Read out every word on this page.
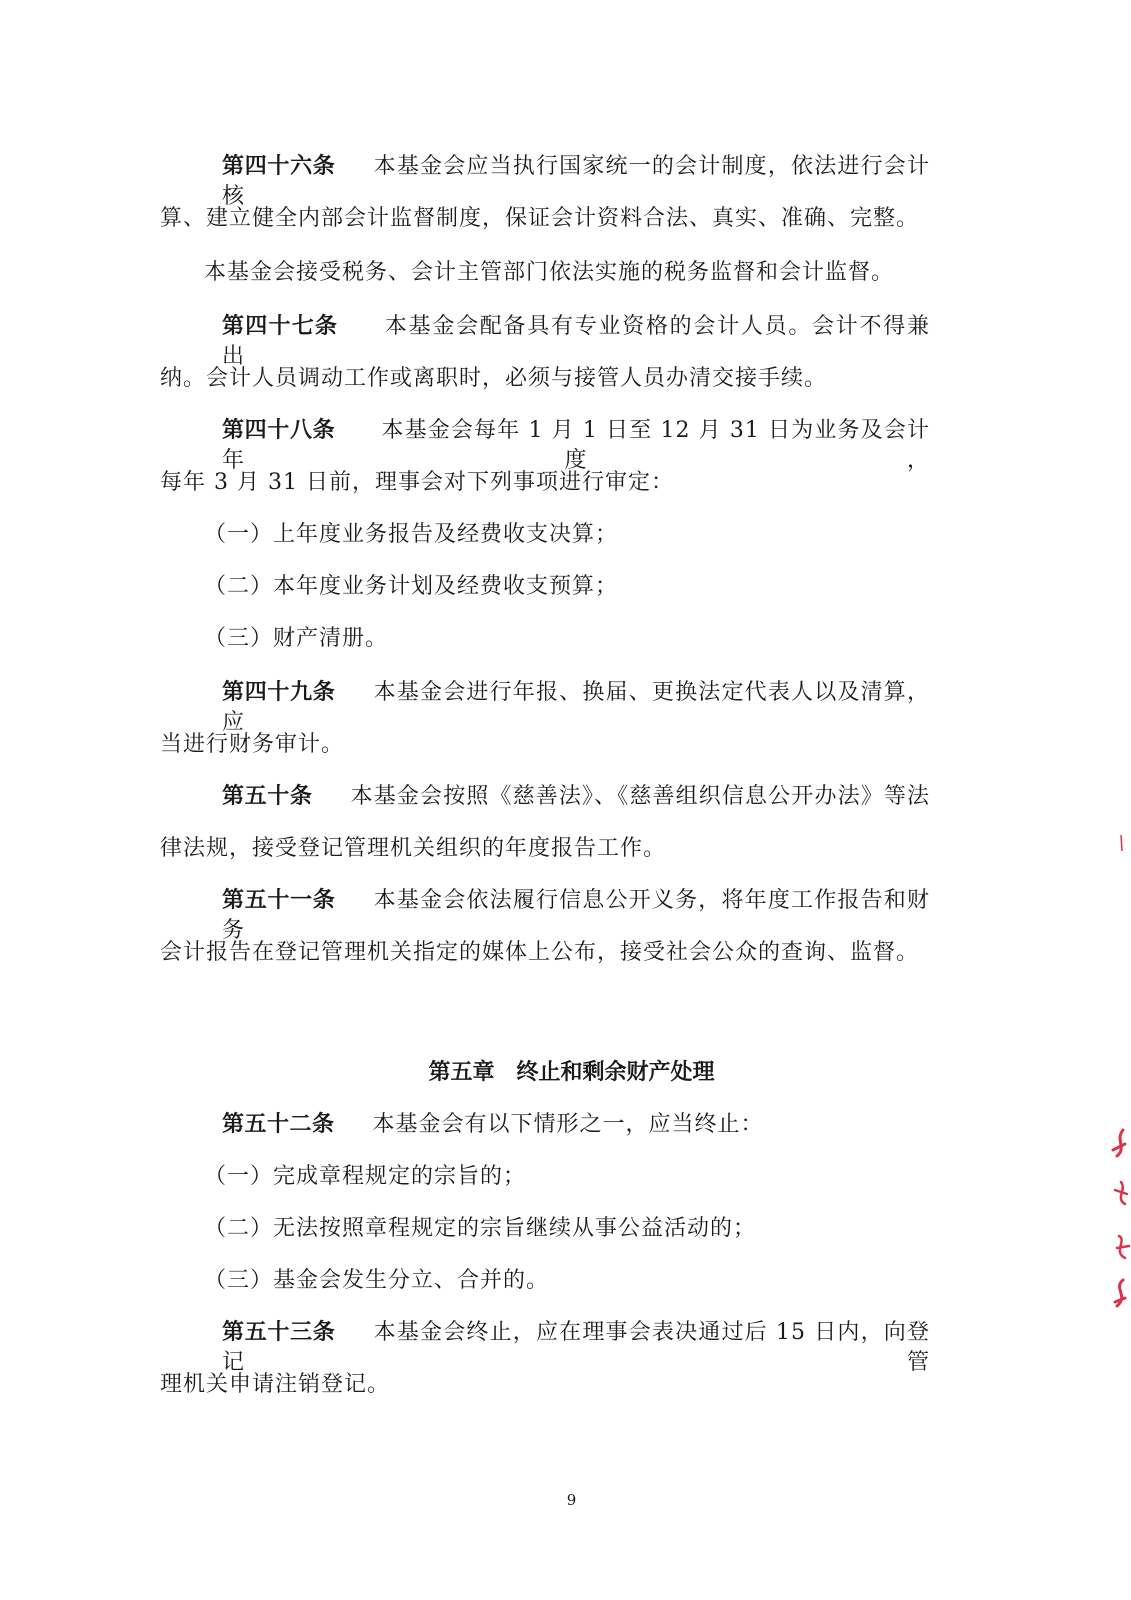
第四十六条 本基金会应当执行国家统一的会计制度，依法进行会计核
算、建立健全内部会计监督制度，保证会计资料合法、真实、准确、完整。
本基金会接受税务、会计主管部门依法实施的税务监督和会计监督。
第四十七条 本基金会配备具有专业资格的会计人员。会计不得兼出
纳。会计人员调动工作或离职时，必须与接管人员办清交接手续。
第四十八条 本基金会每年 1 月 1 日至 12 月 31 日为业务及会计年度，
每年 3 月 31 日前，理事会对下列事项进行审定：
（一）上年度业务报告及经费收支决算；
（二）本年度业务计划及经费收支预算；
（三）财产清册。
第四十九条 本基金会进行年报、换届、更换法定代表人以及清算，应
当进行财务审计。
第五十条 本基金会按照《慈善法》、《慈善组织信息公开办法》等法
律法规，接受登记管理机关组织的年度报告工作。
第五十一条 本基金会依法履行信息公开义务，将年度工作报告和财务
会计报告在登记管理机关指定的媒体上公布，接受社会公众的查询、监督。
第五章 终止和剩余财产处理
第五十二条 本基金会有以下情形之一，应当终止：
（一）完成章程规定的宗旨的；
（二）无法按照章程规定的宗旨继续从事公益活动的；
（三）基金会发生分立、合并的。
第五十三条 本基金会终止，应在理事会表决通过后 15 日内，向登记管
理机关申请注销登记。
9
